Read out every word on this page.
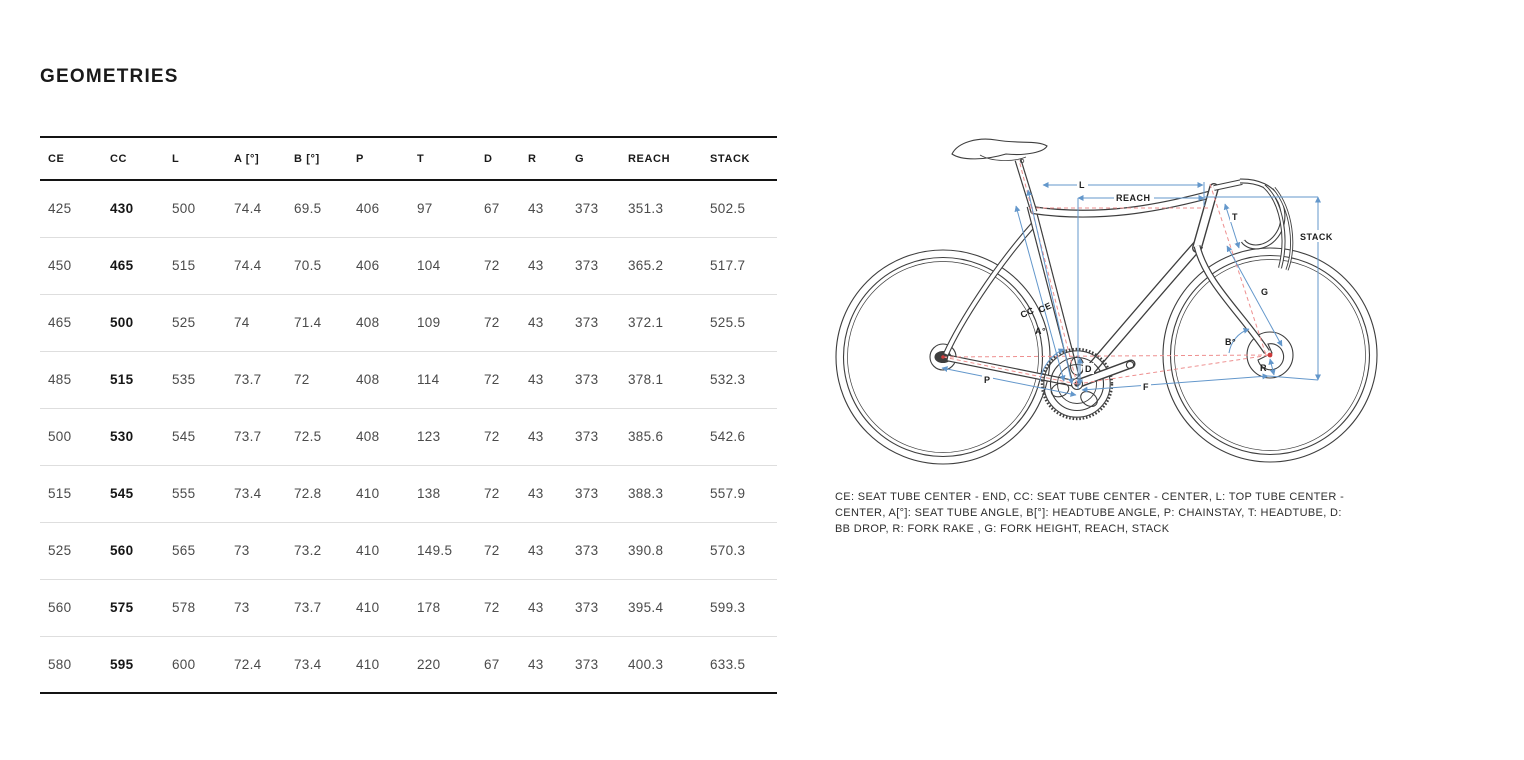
GEOMETRIES
CE	CC	L	A [°]	B [°]	P	T	D	R	G	REACH	STACK
425	430	500	74.4	69.5	406	97	67	43	373	351.3	502.5
450	465	515	74.4	70.5	406	104	72	43	373	365.2	517.7
465	500	525	74	71.4	408	109	72	43	373	372.1	525.5
485	515	535	73.7	72	408	114	72	43	373	378.1	532.3
500	530	545	73.7	72.5	408	123	72	43	373	385.6	542.6
515	545	555	73.4	72.8	410	138	72	43	373	388.3	557.9
525	560	565	73	73.2	410	149.5	72	43	373	390.8	570.3
560	575	578	73	73.7	410	178	72	43	373	395.4	599.3
580	595	600	72.4	73.4	410	220	67	43	373	400.3	633.5
L
REACH
T
STACK
G
CC CE
A°
B°
D
P
F
R

CE: SEAT TUBE CENTER - END, CC: SEAT TUBE CENTER - CENTER, L: TOP TUBE CENTER - CENTER, A[°]: SEAT TUBE ANGLE, B[°]: HEADTUBE ANGLE, P: CHAINSTAY, T: HEADTUBE, D: BB DROP, R: FORK RAKE , G: FORK HEIGHT, REACH, STACK
